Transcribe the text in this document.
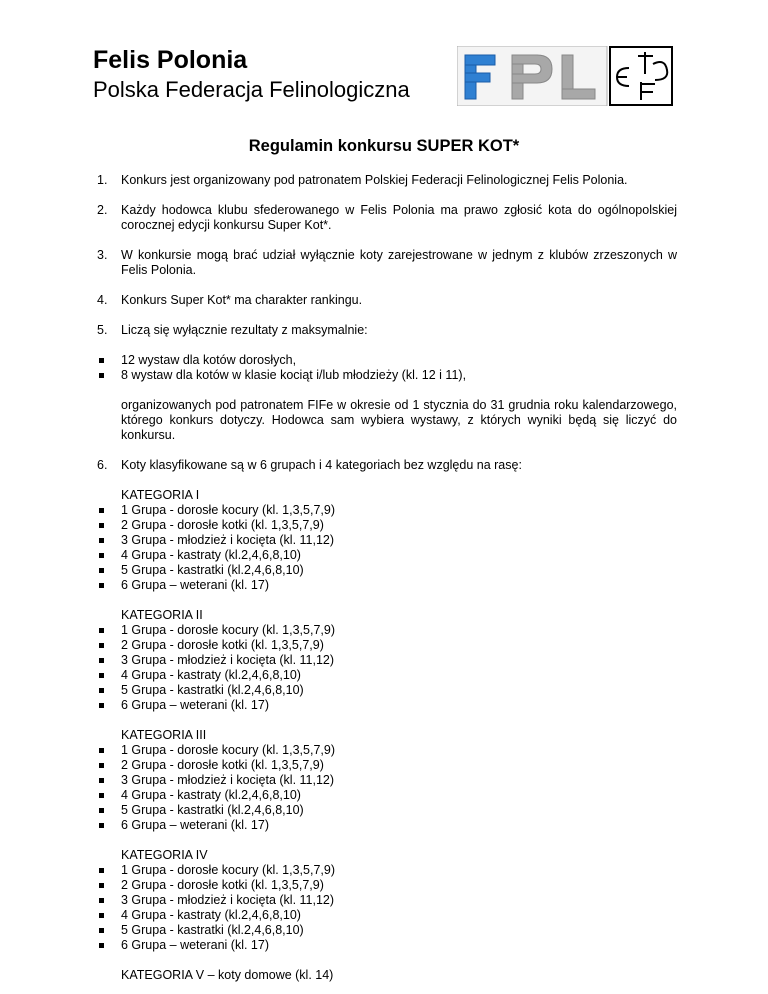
Felis Polonia
Polska Federacja Felinologiczna
Regulamin konkursu SUPER KOT*
1. Konkurs jest organizowany pod patronatem Polskiej Federacji Felinologicznej Felis Polonia.
2. Każdy hodowca klubu sfederowanego w Felis Polonia ma prawo zgłosić kota do ogólnopolskiej corocznej edycji konkursu Super Kot*.
3. W konkursie mogą brać udział wyłącznie koty zarejestrowane w jednym z klubów zrzeszonych w Felis Polonia.
4. Konkurs Super Kot* ma charakter rankingu.
5. Liczą się wyłącznie rezultaty z maksymalnie:
12 wystaw dla kotów dorosłych,
8 wystaw dla kotów w klasie kociąt i/lub młodzieży (kl. 12 i 11),
organizowanych pod patronatem FIFe w okresie od 1 stycznia do 31 grudnia roku kalendarzowego, którego konkurs dotyczy. Hodowca sam wybiera wystawy, z których wyniki będą się liczyć do konkursu.
6. Koty klasyfikowane są w 6 grupach i 4 kategoriach bez względu na rasę:
KATEGORIA I
1 Grupa - dorosłe kocury (kl. 1,3,5,7,9)
2 Grupa - dorosłe kotki (kl. 1,3,5,7,9)
3 Grupa - młodzież i kocięta (kl. 11,12)
4 Grupa - kastraty (kl.2,4,6,8,10)
5 Grupa - kastratki (kl.2,4,6,8,10)
6 Grupa – weterani (kl. 17)
KATEGORIA II
1 Grupa - dorosłe kocury (kl. 1,3,5,7,9)
2 Grupa - dorosłe kotki (kl. 1,3,5,7,9)
3 Grupa - młodzież i kocięta (kl. 11,12)
4 Grupa - kastraty (kl.2,4,6,8,10)
5 Grupa - kastratki (kl.2,4,6,8,10)
6 Grupa – weterani (kl. 17)
KATEGORIA III
1 Grupa - dorosłe kocury (kl. 1,3,5,7,9)
2 Grupa - dorosłe kotki (kl. 1,3,5,7,9)
3 Grupa - młodzież i kocięta (kl. 11,12)
4 Grupa - kastraty (kl.2,4,6,8,10)
5 Grupa - kastratki (kl.2,4,6,8,10)
6 Grupa – weterani (kl. 17)
KATEGORIA IV
1 Grupa - dorosłe kocury (kl. 1,3,5,7,9)
2 Grupa - dorosłe kotki (kl. 1,3,5,7,9)
3 Grupa - młodzież i kocięta (kl. 11,12)
4 Grupa - kastraty (kl.2,4,6,8,10)
5 Grupa - kastratki (kl.2,4,6,8,10)
6 Grupa – weterani (kl. 17)
KATEGORIA V – koty domowe (kl. 14)
